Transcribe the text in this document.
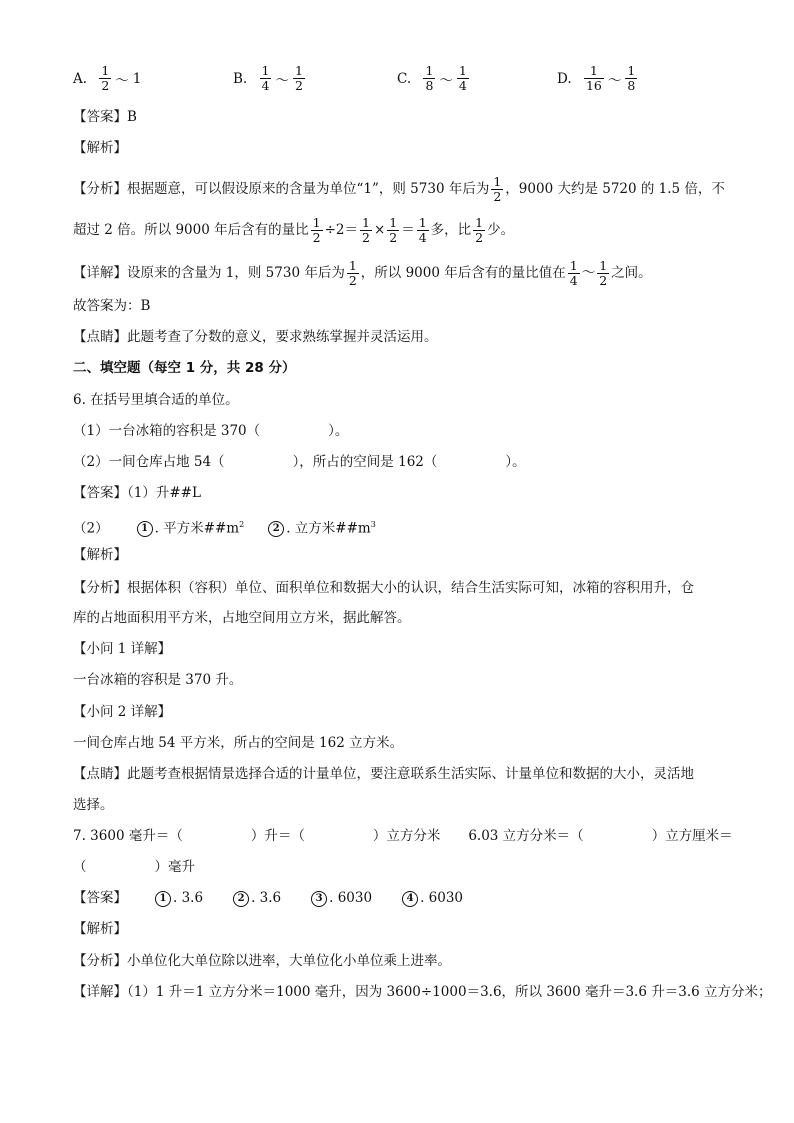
A. $\frac{1}{2}$ ～ 1	B. $\frac{1}{4}$ ～ $\frac{1}{2}$	C. $\frac{1}{8}$ ～ $\frac{1}{4}$	D. $\frac{1}{16}$ ～ $\frac{1}{8}$
【答案】B
【解析】
【分析】根据题意，可以假设原来的含量为单位“1”，则 5730 年后为 $\frac{1}{2}$ ，9000 大约是 5720 的 1.5 倍，不
超过 2 倍。所以 9000 年后含有的量比 $\frac{1}{2} \div 2= \frac{1}{2} \times \frac{1}{2} = \frac{1}{4}$ 多，比 $\frac{1}{2}$ 少。
【详解】设原来的含量为 1，则 5730 年后为 $\frac{1}{2}$ ，所以 9000 年后含有的量比值在 $\frac{1}{4}$ ～ $\frac{1}{2}$ 之间。
故答案为：B
【点睛】此题考查了分数的意义，要求熟练掌握并灵活运用。
二、填空题（每空 1 分，共 28 分）
6. 在括号里填合适的单位。
（1）一台冰箱的容积是 370（	）。
（2）一间仓库占地 54（	），所占的空间是 162（	）。
【答案】（1）升##L
（2）	1 . 平方米$\#\#m^2$	2 . 立方米$\#\#m^3$
【解析】
【分析】根据体积（容积）单位、面积单位和数据大小的认识，结合生活实际可知，冰箱的容积用升，仓
库的占地面积用平方米，占地空间用立方米，据此解答。
【小问 1 详解】
一台冰箱的容积是 370 升。
【小问 2 详解】
一间仓库占地 54 平方米，所占的空间是 162 立方米。
【点睛】此题考查根据情景选择合适的计量单位，要注意联系生活实际、计量单位和数据的大小，灵活地
选择。
7. 3600 毫升＝（	）升＝（	）立方分米 6.03 立方分米＝（	）立方厘米＝
（	）毫升
【答案】	1 . 3.6	2 . 3.6	3 . 6030	4 . 6030
【解析】
【分析】小单位化大单位除以进率，大单位化小单位乘上进率。
【详解】（1）1 升＝1 立方分米＝1000 毫升，因为 3600÷1000＝3.6，所以 3600 毫升＝3.6 升＝3.6 立方分米；
